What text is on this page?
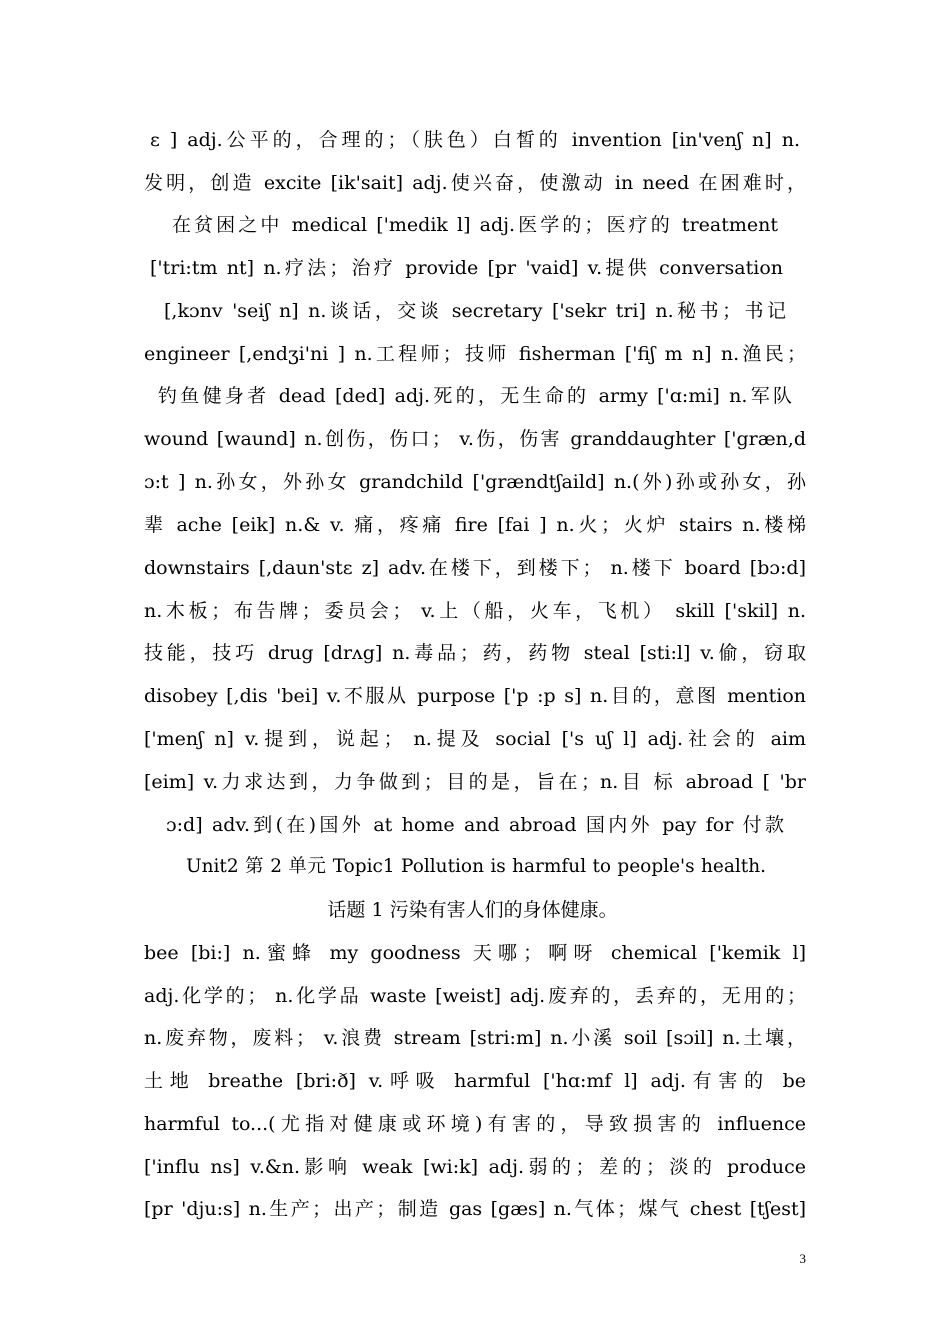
ε ] adj.公平的，合理的；（肤色）白皙的 invention [in'venʃ n] n.
发明，创造 excite [ik'sait] adj.使兴奋，使激动 in need 在困难时，
在贫困之中 medical ['medik l] adj.医学的；医疗的 treatment
['tri:tm nt] n.疗法；治疗 provide [pr 'vaid] v.提供 conversation
[,kɔnv 'seiʃ n] n.谈话，交谈 secretary ['sekr tri] n.秘书；书记
engineer [,endʒi'ni ] n.工程师；技师 fisherman ['fiʃ m n] n.渔民；
钓鱼健身者 dead [ded] adj.死的，无生命的 army ['ɑ:mi] n.军队
wound [waund] n.创伤，伤口； v.伤，伤害 granddaughter ['græn,d
ɔ:t ] n.孙女，外孙女 grandchild ['grændtʃaild] n.(外)孙或孙女，孙
辈 ache [eik] n.& v. 痛，疼痛 fire [fai ] n.火；火炉 stairs n.楼梯
downstairs [,daun'stε z] adv.在楼下，到楼下； n.楼下 board [bɔ:d]
n.木板；布告牌；委员会； v.上（船，火车，飞机） skill ['skil] n.
技能，技巧 drug [drʌg] n.毒品；药，药物 steal [sti:l] v.偷，窃取
disobey [,dis 'bei] v.不服从 purpose ['p :p s] n.目的，意图 mention
['menʃ n] v.提到，说起； n.提及 social ['s uʃ l] adj.社会的 aim
[eim] v.力求达到，力争做到；目的是，旨在；n.目 标 abroad [ 'br
ɔ:d] adv.到(在)国外 at home and abroad 国内外 pay for 付款
Unit2 第 2 单元 Topic1 Pollution is harmful to people's health.
话题 1 污染有害人们的身体健康。
bee [bi:] n.蜜蜂 my goodness 天哪；啊呀 chemical ['kemik l]
adj.化学的； n.化学品 waste [weist] adj.废弃的，丢弃的，无用的；
n.废弃物，废料； v.浪费 stream [stri:m] n.小溪 soil [sɔil] n.土壤，
土地 breathe [bri:ð] v.呼吸 harmful ['hɑ:mf l] adj.有害的 be
harmful to...(尤指对健康或环境)有害的，导致损害的 influence
['influ ns] v.&n.影响 weak [wi:k] adj.弱的；差的；淡的 produce
[pr 'dju:s] n.生产；出产；制造 gas [gæs] n.气体；煤气 chest [tʃest]
3
